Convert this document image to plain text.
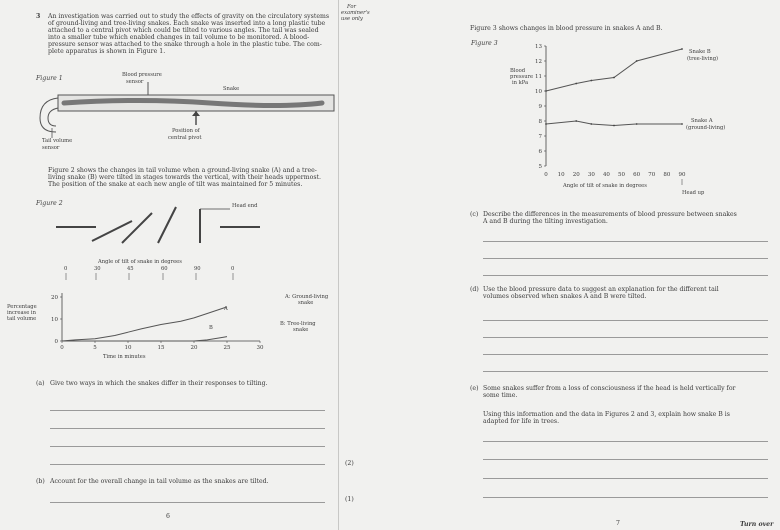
3 An investigation was carried out to study the effects of gravity on the circulatory systems
of ground-living and tree-living snakes. Each snake was inserted into a long plastic tube
attached to a central pivot which could be tilted to various angles. The tail was sealed
into a smaller tube which enabled changes in tail volume to be monitored. A blood-
pressure sensor was attached to the snake through a hole in the plastic tube. The com-
plete apparatus is shown in Figure 1.
For
examiner's
use only
Figure 1	Blood pressure
sensor
Snake
Position of
central pivot
Tail volume
sensor
Figure 2 shows the changes in tail volume when a ground-living snake (A) and a tree-
living snake (B) were tilted in stages towards the vertical, with their heads uppermost.
The position of the snake at each new angle of tilt was maintained for 5 minutes.
Figure 2	Head end
Angle of tilt of snake in degrees
0	30	45	60	90	0
Percentage
increase in
tail volume
Time in minutes
A: Ground-living
snake
B: Tree-living
snake
A
B
0	5	10	15	20	25	30
0
10
20
(a) Give two ways in which the snakes differ in their responses to tilting.
(2)
(b) Account for the overall change in tail volume as the snakes are tilted.
(1)
6
Figure 3 shows changes in blood pressure in snakes A and B.
Figure 3
Blood
pressure
in kPa
Snake B
(tree-living)
Snake A
(ground-living)
Angle of tilt of snake in degrees
Head up
5
6
7
8
9
10
11
12
13
0 10 20 30 40 50 60 70 80 90
(c) Describe the differences in the measurements of blood pressure between snakes
A and B during the tilting investigation.
(d) Use the blood pressure data to suggest an explanation for the different tail
volumes observed when snakes A and B were tilted.
(e) Some snakes suffer from a loss of consciousness if the head is held vertically for
some time.
Using this information and the data in Figures 2 and 3, explain how snake B is
adapted for life in trees.
7	Turn over
